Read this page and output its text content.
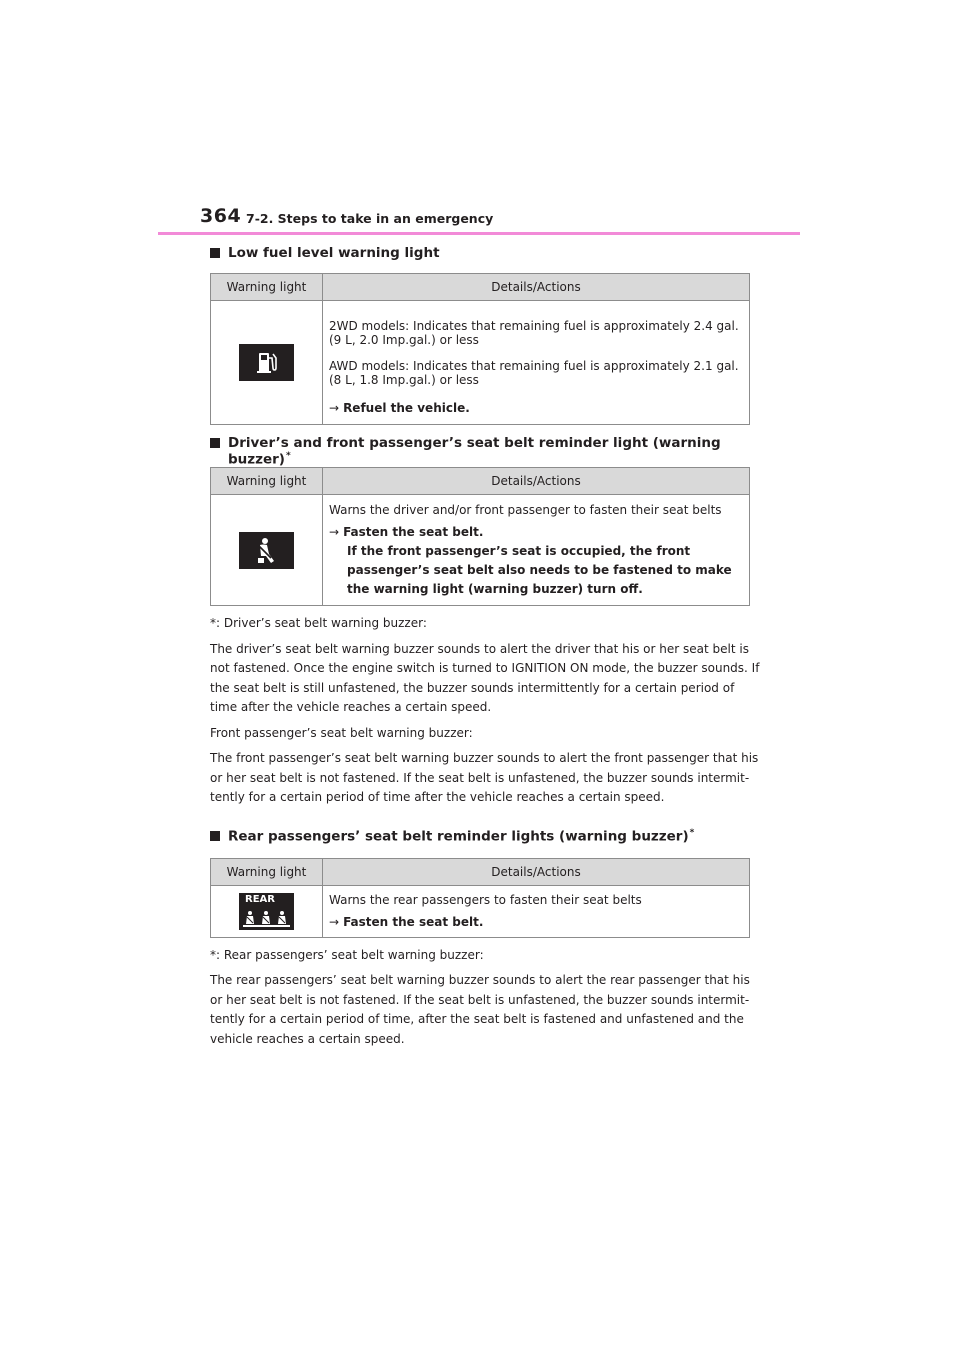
364 7-2. Steps to take in an emergency
Low fuel level warning light
Warning light	Details/Actions

2WD models: Indicates that remaining fuel is approximately 2.4 gal. (9 L, 2.0 Imp.gal.) or less

AWD models: Indicates that remaining fuel is approximately 2.1 gal. (8 L, 1.8 Imp.gal.) or less

→ Refuel the vehicle.
Driver’s and front passenger’s seat belt reminder light (warning buzzer)*
Warning light	Details/Actions

Warns the driver and/or front passenger to fasten their seat belts

→ Fasten the seat belt.
If the front passenger’s seat is occupied, the front passenger’s seat belt also needs to be fastened to make the warning light (warning buzzer) turn off.

*: Driver’s seat belt warning buzzer:

The driver’s seat belt warning buzzer sounds to alert the driver that his or her seat belt is not fastened. Once the engine switch is turned to IGNITION ON mode, the buzzer sounds. If the seat belt is still unfastened, the buzzer sounds intermittently for a certain period of time after the vehicle reaches a certain speed.

Front passenger’s seat belt warning buzzer:

The front passenger’s seat belt warning buzzer sounds to alert the front passenger that his or her seat belt is not fastened. If the seat belt is unfastened, the buzzer sounds intermit- tently for a certain period of time after the vehicle reaches a certain speed.

Rear passengers’ seat belt reminder lights (warning buzzer)*
Warning light	Details/Actions

REAR	Warns the rear passengers to fasten their seat belts

→ Fasten the seat belt.

*: Rear passengers’ seat belt warning buzzer:

The rear passengers’ seat belt warning buzzer sounds to alert the rear passenger that his or her seat belt is not fastened. If the seat belt is unfastened, the buzzer sounds intermit- tently for a certain period of time, after the seat belt is fastened and unfastened and the vehicle reaches a certain speed.
